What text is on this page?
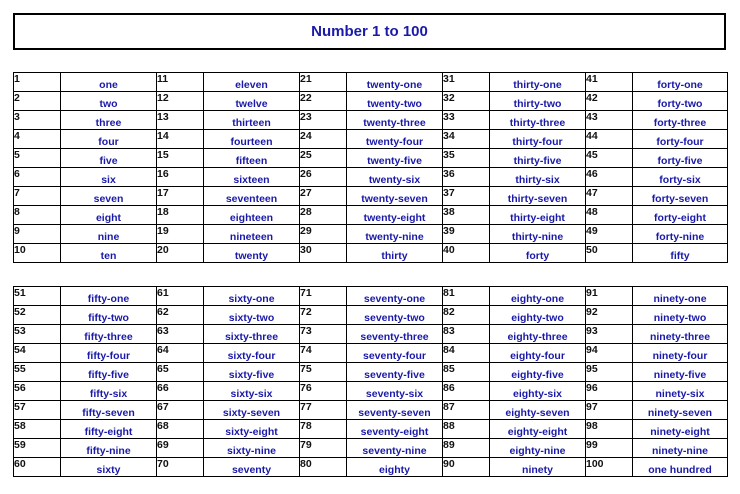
Number 1 to 100
1	one	11	eleven	21	twenty-one	31	thirty-one	41	forty-one
2	two	12	twelve	22	twenty-two	32	thirty-two	42	forty-two
3	three	13	thirteen	23	twenty-three	33	thirty-three	43	forty-three
4	four	14	fourteen	24	twenty-four	34	thirty-four	44	forty-four
5	five	15	fifteen	25	twenty-five	35	thirty-five	45	forty-five
6	six	16	sixteen	26	twenty-six	36	thirty-six	46	forty-six
7	seven	17	seventeen	27	twenty-seven	37	thirty-seven	47	forty-seven
8	eight	18	eighteen	28	twenty-eight	38	thirty-eight	48	forty-eight
9	nine	19	nineteen	29	twenty-nine	39	thirty-nine	49	forty-nine
10	ten	20	twenty	30	thirty	40	forty	50	fifty
51	fifty-one	61	sixty-one	71	seventy-one	81	eighty-one	91	ninety-one
52	fifty-two	62	sixty-two	72	seventy-two	82	eighty-two	92	ninety-two
53	fifty-three	63	sixty-three	73	seventy-three	83	eighty-three	93	ninety-three
54	fifty-four	64	sixty-four	74	seventy-four	84	eighty-four	94	ninety-four
55	fifty-five	65	sixty-five	75	seventy-five	85	eighty-five	95	ninety-five
56	fifty-six	66	sixty-six	76	seventy-six	86	eighty-six	96	ninety-six
57	fifty-seven	67	sixty-seven	77	seventy-seven	87	eighty-seven	97	ninety-seven
58	fifty-eight	68	sixty-eight	78	seventy-eight	88	eighty-eight	98	ninety-eight
59	fifty-nine	69	sixty-nine	79	seventy-nine	89	eighty-nine	99	ninety-nine
60	sixty	70	seventy	80	eighty	90	ninety	100	one hundred
